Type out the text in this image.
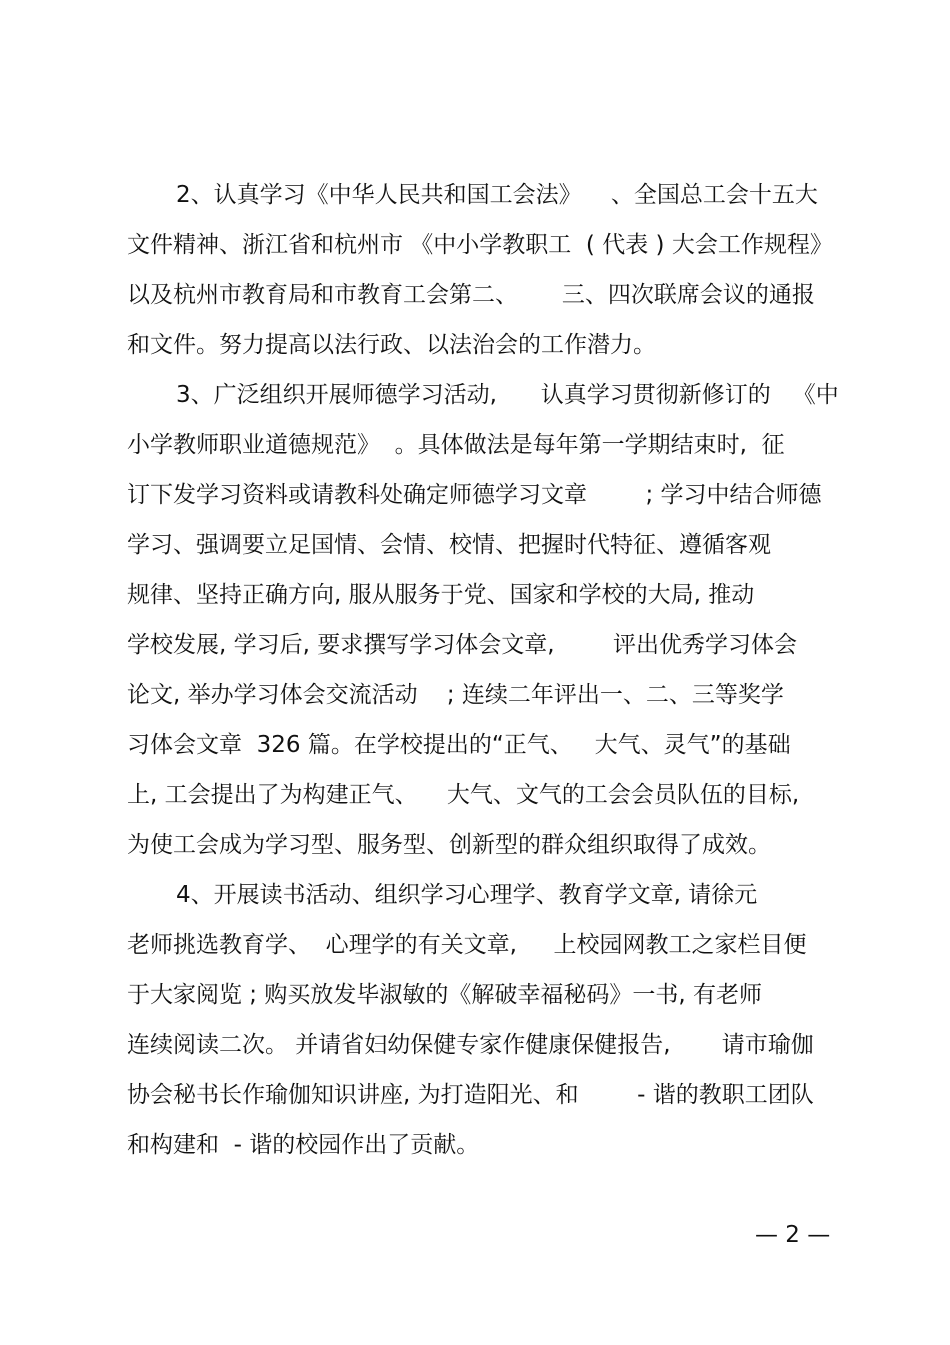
2、认真学习《中华人民共和国工会法》    、全国总工会十五大
文件精神、浙江省和杭州市 《中小学教职工  ( 代表 ) 大会工作规程》
以及杭州市教育局和市教育工会第二、      三、四次联席会议的通报
和文件。努力提高以法行政、以法治会的工作潜力。
3、广泛组织开展师德学习活动,      认真学习贯彻新修订的   《中
小学教师职业道德规范》  。具体做法是每年第一学期结束时,  征
订下发学习资料或请教科处确定师德学习文章        ; 学习中结合师德
学习、强调要立足国情、会情、校情、把握时代特征、遵循客观
规律、坚持正确方向, 服从服务于党、国家和学校的大局, 推动
学校发展, 学习后, 要求撰写学习体会文章,        评出优秀学习体会
论文, 举办学习体会交流活动    ; 连续二年评出一、二、三等奖学
习体会文章  326 篇。在学校提出的“正气、   大气、灵气”的基础
上, 工会提出了为构建正气、    大气、文气的工会会员队伍的目标,
为使工会成为学习型、服务型、创新型的群众组织取得了成效。
4、开展读书活动、组织学习心理学、教育学文章, 请徐元
老师挑选教育学、  心理学的有关文章,     上校园网教工之家栏目便
于大家阅览 ; 购买放发毕淑敏的《解破幸福秘码》一书, 有老师
连续阅读二次。 并请省妇幼保健专家作健康保健报告,       请市瑜伽
协会秘书长作瑜伽知识讲座, 为打造阳光、和        - 谐的教职工团队
和构建和  - 谐的校园作出了贡献。
— 2 —
